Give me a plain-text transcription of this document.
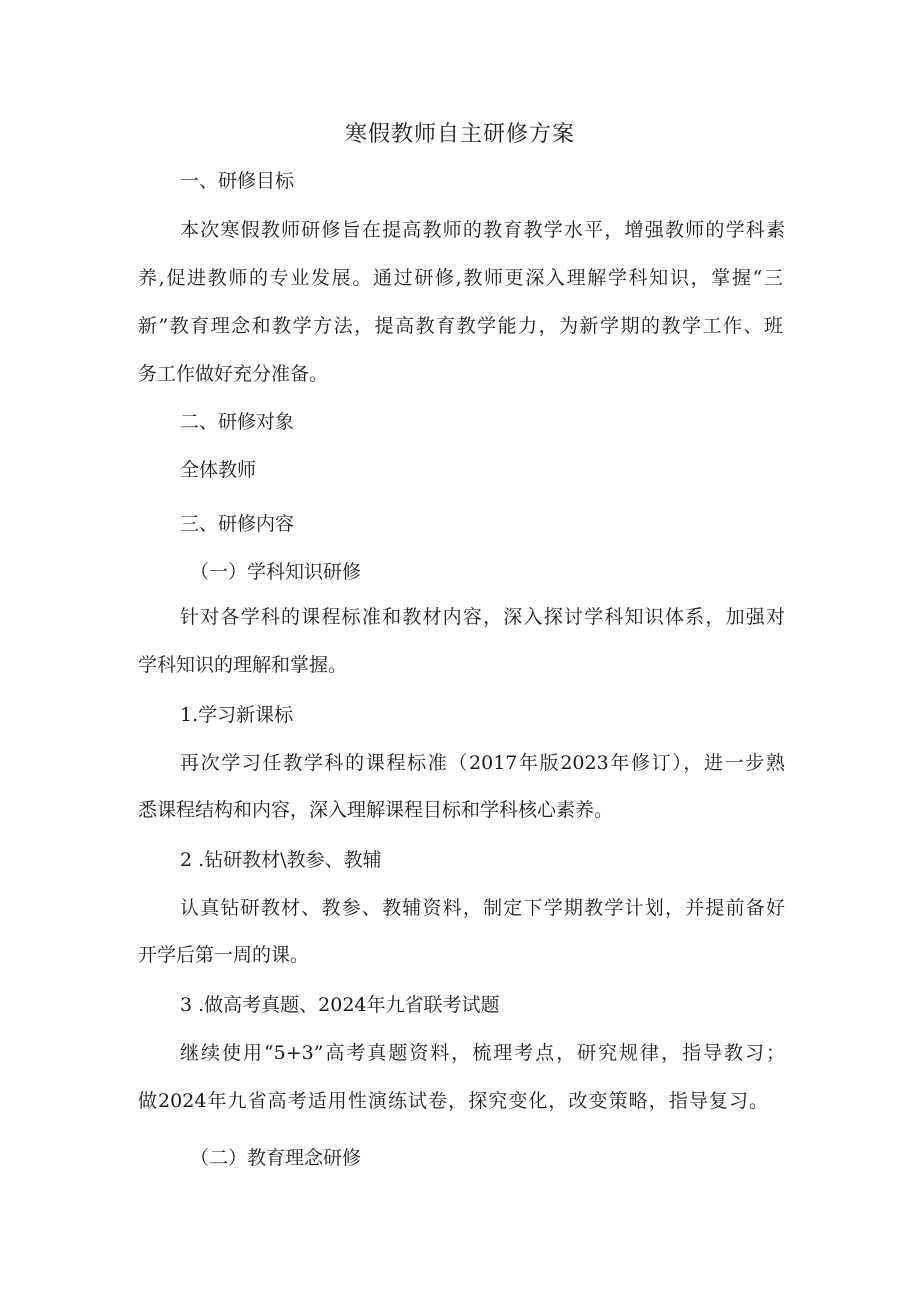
寒假教师自主研修方案
一、研修目标
本次寒假教师研修旨在提高教师的教育教学水平，增强教师的学科素
养,促进教师的专业发展。通过研修,教师更深入理解学科知识，掌握“三
新”教育理念和教学方法，提高教育教学能力，为新学期的教学工作、班
务工作做好充分准备。
二、研修对象
全体教师
三、研修内容
（一）学科知识研修
针对各学科的课程标准和教材内容，深入探讨学科知识体系，加强对
学科知识的理解和掌握。
1.学习新课标
再次学习任教学科的课程标准（2017年版2023年修订），进一步熟
悉课程结构和内容，深入理解课程目标和学科核心素养。
2 .钻研教材\教参、教辅
认真钻研教材、教参、教辅资料，制定下学期教学计划，并提前备好
开学后第一周的课。
3 .做高考真题、2024年九省联考试题
继续使用“5+3”高考真题资料，梳理考点，研究规律，指导教习；
做2024年九省高考适用性演练试卷，探究变化，改变策略，指导复习。
（二）教育理念研修
